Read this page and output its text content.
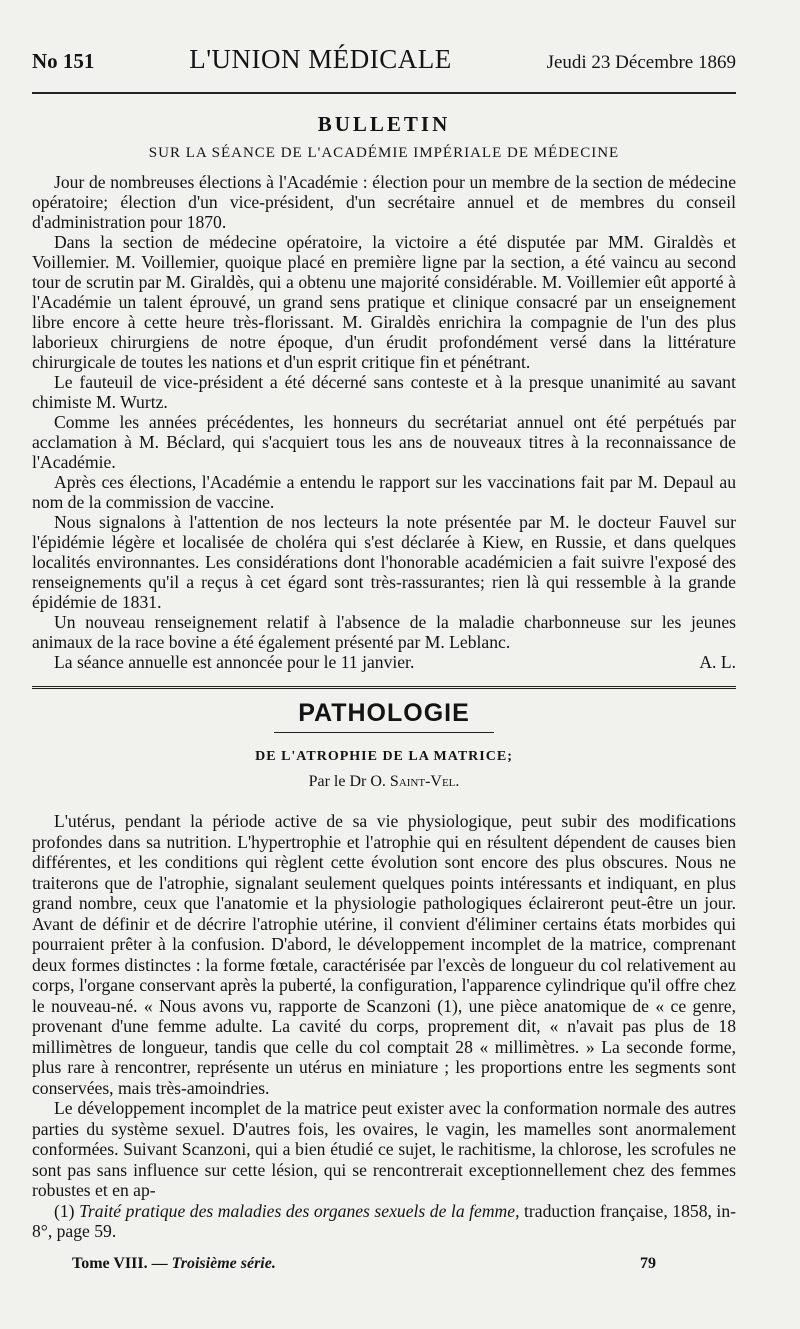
No 151	L'UNION MÉDICALE	Jeudi 23 Décembre 1869
BULLETIN
SUR LA SÉANCE DE L'ACADÉMIE IMPÉRIALE DE MÉDECINE

Jour de nombreuses élections à l'Académie : élection pour un membre de la section de médecine opératoire; élection d'un vice-président, d'un secrétaire annuel et de membres du conseil d'administration pour 1870.

Dans la section de médecine opératoire, la victoire a été disputée par MM. Giraldès et Voillemier. M. Voillemier, quoique placé en première ligne par la section, a été vaincu au second tour de scrutin par M. Giraldès, qui a obtenu une majorité considérable. M. Voillemier eût apporté à l'Académie un talent éprouvé, un grand sens pratique et clinique consacré par un enseignement libre encore à cette heure très-florissant. M. Giraldès enrichira la compagnie de l'un des plus laborieux chirurgiens de notre époque, d'un érudit profondément versé dans la littérature chirurgicale de toutes les nations et d'un esprit critique fin et pénétrant.

Le fauteuil de vice-président a été décerné sans conteste et à la presque unanimité au savant chimiste M. Wurtz.

Comme les années précédentes, les honneurs du secrétariat annuel ont été perpétués par acclamation à M. Béclard, qui s'acquiert tous les ans de nouveaux titres à la reconnaissance de l'Académie.

Après ces élections, l'Académie a entendu le rapport sur les vaccinations fait par M. Depaul au nom de la commission de vaccine.

Nous signalons à l'attention de nos lecteurs la note présentée par M. le docteur Fauvel sur l'épidémie légère et localisée de choléra qui s'est déclarée à Kiew, en Russie, et dans quelques localités environnantes. Les considérations dont l'honorable académicien a fait suivre l'exposé des renseignements qu'il a reçus à cet égard sont très-rassurantes; rien là qui ressemble à la grande épidémie de 1831.

Un nouveau renseignement relatif à l'absence de la maladie charbonneuse sur les jeunes animaux de la race bovine a été également présenté par M. Leblanc.

La séance annuelle est annoncée pour le 11 janvier.	A. L.

PATHOLOGIE
DE L'ATROPHIE DE LA MATRICE;
Par le Dr O. Saint-Vel.

L'utérus, pendant la période active de sa vie physiologique, peut subir des modifications profondes dans sa nutrition. L'hypertrophie et l'atrophie qui en résultent dépendent de causes bien différentes, et les conditions qui règlent cette évolution sont encore des plus obscures. Nous ne traiterons que de l'atrophie, signalant seulement quelques points intéressants et indiquant, en plus grand nombre, ceux que l'anatomie et la physiologie pathologiques éclaireront peut-être un jour. Avant de définir et de décrire l'atrophie utérine, il convient d'éliminer certains états morbides qui pourraient prêter à la confusion. D'abord, le développement incomplet de la matrice, comprenant deux formes distinctes : la forme fœtale, caractérisée par l'excès de longueur du col relativement au corps, l'organe conservant après la puberté, la configuration, l'apparence cylindrique qu'il offre chez le nouveau-né. « Nous avons vu, rapporte de Scanzoni (1), une pièce anatomique de « ce genre, provenant d'une femme adulte. La cavité du corps, proprement dit, « n'avait pas plus de 18 millimètres de longueur, tandis que celle du col comptait 28 « millimètres. » La seconde forme, plus rare à rencontrer, représente un utérus en miniature ; les proportions entre les segments sont conservées, mais très-amoindries.

Le développement incomplet de la matrice peut exister avec la conformation normale des autres parties du système sexuel. D'autres fois, les ovaires, le vagin, les mamelles sont anormalement conformées. Suivant Scanzoni, qui a bien étudié ce sujet, le rachitisme, la chlorose, les scrofules ne sont pas sans influence sur cette lésion, qui se rencontrerait exceptionnellement chez des femmes robustes et en ap-

(1) Traité pratique des maladies des organes sexuels de la femme, traduction française, 1858, in-8°, page 59.

Tome VIII. — Troisième série.	79
